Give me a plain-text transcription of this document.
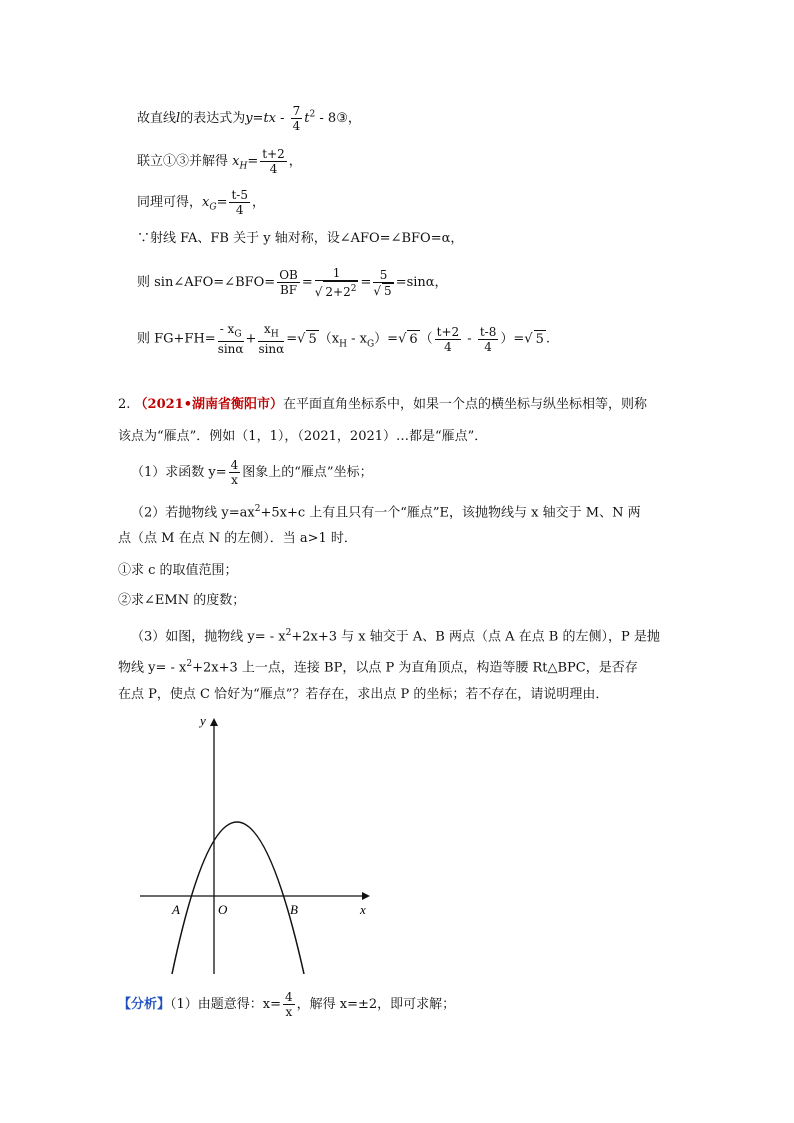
故直线l的表达式为$y=tx - \frac{7}{4} t^2$ - 8③，
联立①③并解得 $x_H= \frac{t+2}{4}$ ，
同理可得，$x_G= \frac{t-5}{4}$ ，
∵射线 FA、FB 关于 y 轴对称，设∠AFO=∠BFO=α，
则 sin∠AFO=∠BFO= $\frac{OB}{BF} = \frac{1}{√ 2+2^2} = \frac{5}{√ 5} =\sin\alpha$，
则 $FG+FH= \frac{- x_G}{\sin\alpha} + \frac{x_H}{\sin\alpha}$ =√ 5 $(x_H - x_G)=√$ 6 （ $\frac{t+2}{4} - \frac{t-8}{4}$ ）=√ 5 .
2. （2021•湖南省衡阳市）在平面直角坐标系中，如果一个点的横坐标与纵坐标相等，则称
该点为“雁点”．例如（1，1），（2021，2021）…都是“雁点”．
（1）求函数 $y= \frac{4}{x}$ 图象上的“雁点”坐标；
（2）若抛物线 $y=ax^2+5x+c$ 上有且只有一个“雁点”E，该抛物线与 x 轴交于 M、N 两
点（点 M 在点 N 的左侧）．当 a>1 时．
①求 c 的取值范围；
②求∠EMN 的度数；
（3）如图，抛物线 $y= - x^2+2x+3$ 与 x 轴交于 A、B 两点（点 A 在点 B 的左侧），P 是抛
物线 $y= - x^2+2x+3$ 上一点，连接 BP，以点 P 为直角顶点，构造等腰 Rt△BPC，是否存
在点 P，使点 C 恰好为“雁点”？若存在，求出点 P 的坐标；若不存在，请说明理由．
y
x
A	O	B
【分析】（1）由题意得：$x= \frac{4}{x}$ ，解得 x=±2，即可求解；
